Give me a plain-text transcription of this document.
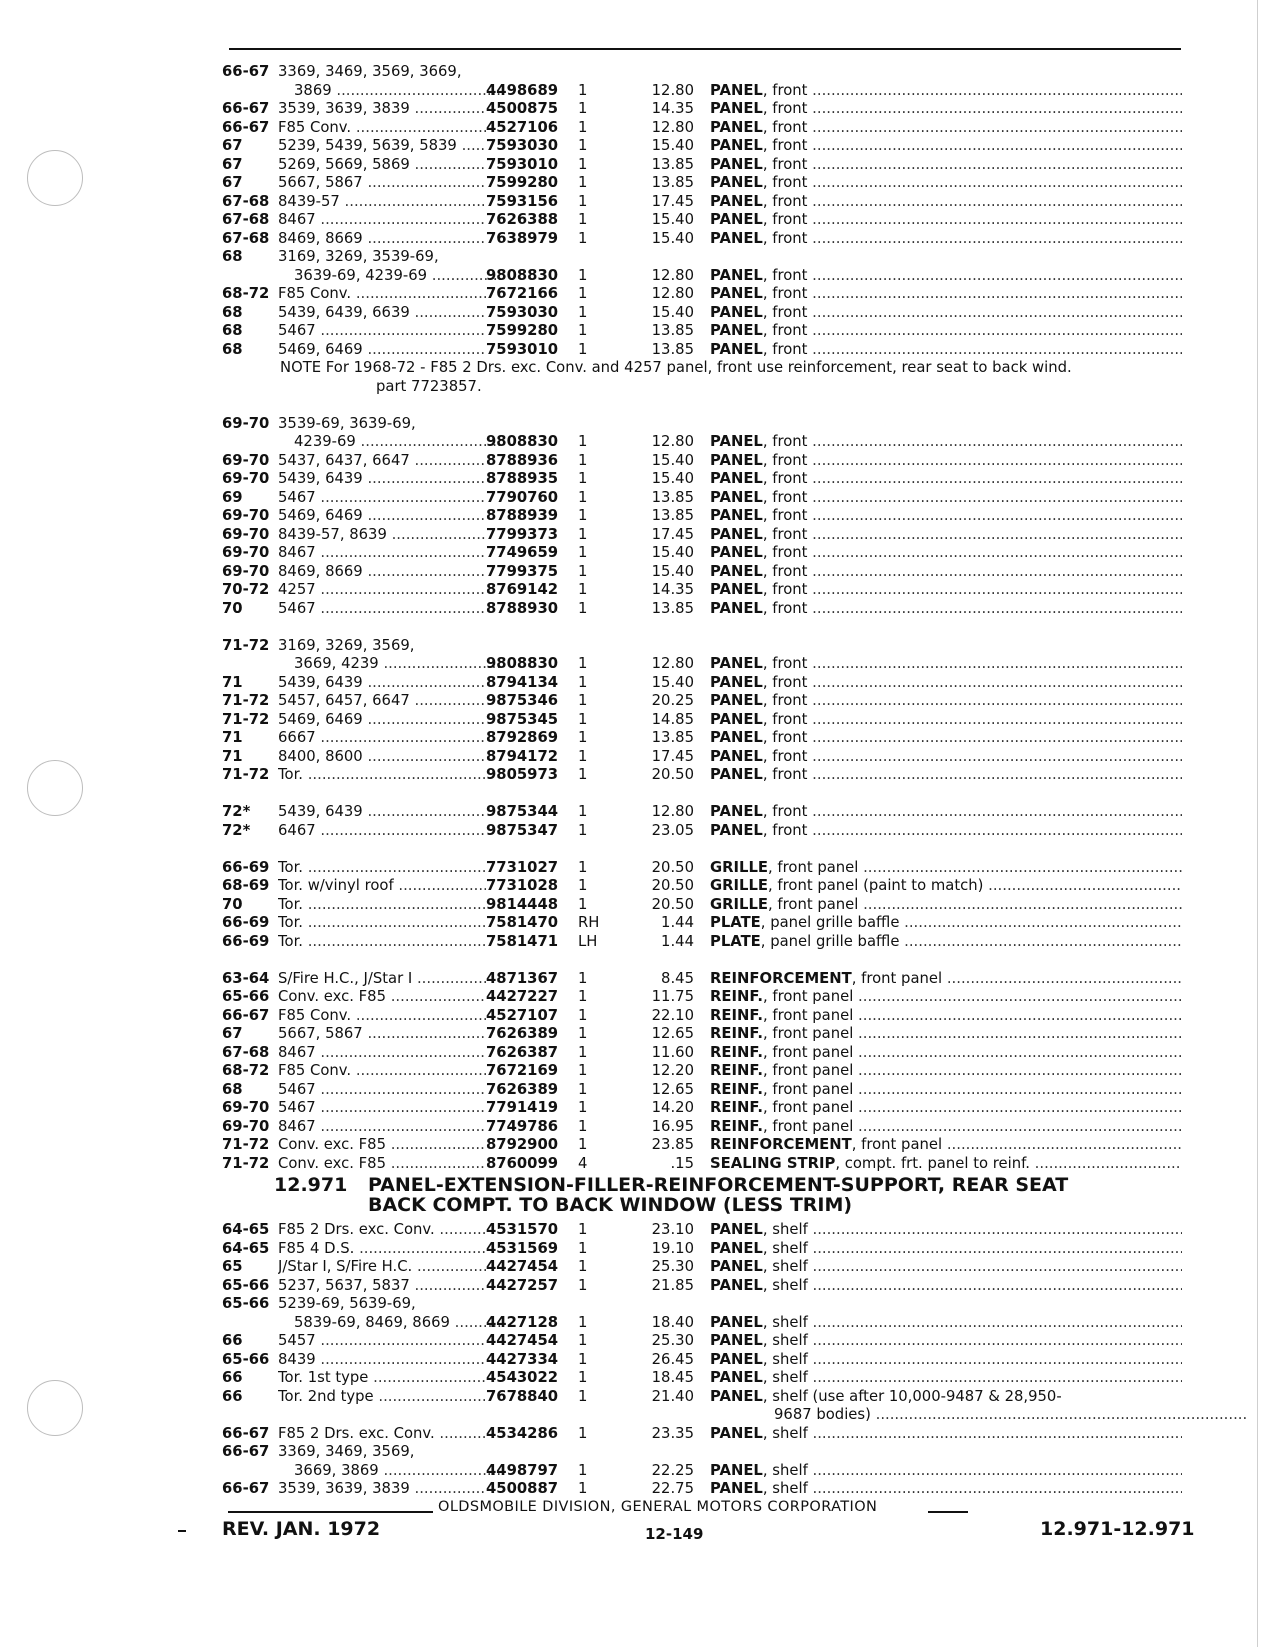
66-67 3369, 3469, 3569, 3669,
3869 .....	4498689	1	12.80 PANEL, front .....
66-67 3539, 3639, 3839 .....	4500875	1	14.35 PANEL, front .....
66-67 F85 Conv. .....	4527106	1	12.80 PANEL, front .....
67	5239, 5439, 5639, 5839 .....	7593030	1	15.40 PANEL, front .....
67	5269, 5669, 5869 .....	7593010	1	13.85 PANEL, front .....
67	5667, 5867 .....	7599280	1	13.85 PANEL, front .....
67-68 8439-57 .....	7593156	1	17.45 PANEL, front .....
67-68 8467 .....	7626388	1	15.40 PANEL, front .....
67-68 8469, 8669 .....	7638979	1	15.40 PANEL, front .....
68	3169, 3269, 3539-69,
3639-69, 4239-69 .....	9808830	1	12.80 PANEL, front .....
68-72 F85 Conv. .....	7672166	1	12.80 PANEL, front .....
68	5439, 6439, 6639 .....	7593030	1	15.40 PANEL, front .....
68	5467 .....	7599280	1	13.85 PANEL, front .....
68	5469, 6469 .....	7593010	1	13.85 PANEL, front .....
NOTE For 1968-72 - F85 2 Drs. exc. Conv. and 4257 panel, front use reinforcement, rear seat to back wind.
part 7723857.
69-70 3539-69, 3639-69,
4239-69 .....	9808830	1	12.80 PANEL, front .....
69-70 5437, 6437, 6647 .....	8788936	1	15.40 PANEL, front .....
69-70 5439, 6439 .....	8788935	1	15.40 PANEL, front .....
69	5467 .....	7790760	1	13.85 PANEL, front .....
69-70 5469, 6469 .....	8788939	1	13.85 PANEL, front .....
69-70 8439-57, 8639 .....	7799373	1	17.45 PANEL, front .....
69-70 8467 .....	7749659	1	15.40 PANEL, front .....
69-70 8469, 8669 .....	7799375	1	15.40 PANEL, front .....
70-72 4257 .....	8769142	1	14.35 PANEL, front .....
70	5467 .....	8788930	1	13.85 PANEL, front .....
71-72 3169, 3269, 3569,
3669, 4239 .....	9808830	1	12.80 PANEL, front .....
71	5439, 6439 .....	8794134	1	15.40 PANEL, front .....
71-72 5457, 6457, 6647 .....	9875346	1	20.25 PANEL, front .....
71-72 5469, 6469 .....	9875345	1	14.85 PANEL, front .....
71	6667 .....	8792869	1	13.85 PANEL, front .....
71	8400, 8600 .....	8794172	1	17.45 PANEL, front .....
71-72 Tor. .....	9805973	1	20.50 PANEL, front .....
72*	5439, 6439 .....	9875344	1	12.80 PANEL, front .....
72*	6467 .....	9875347	1	23.05 PANEL, front .....
66-69 Tor. .....	7731027	1	20.50 GRILLE, front panel .....
68-69 Tor. w/vinyl roof .....	7731028	1	20.50 GRILLE, front panel (paint to match) .....
70	Tor. .....	9814448	1	20.50 GRILLE, front panel .....
66-69 Tor. .....	7581470	RH	1.44 PLATE, panel grille baffle .....
66-69 Tor. .....	7581471	LH	1.44 PLATE, panel grille baffle .....
63-64 S/Fire H.C., J/Star I .....	4871367	1	8.45 REINFORCEMENT, front panel .....
65-66 Conv. exc. F85 .....	4427227	1	11.75 REINF., front panel .....
66-67 F85 Conv. .....	4527107	1	22.10 REINF., front panel .....
67	5667, 5867 .....	7626389	1	12.65 REINF., front panel .....
67-68 8467 .....	7626387	1	11.60 REINF., front panel .....
68-72 F85 Conv. .....	7672169	1	12.20 REINF., front panel .....
68	5467 .....	7626389	1	12.65 REINF., front panel .....
69-70 5467 .....	7791419	1	14.20 REINF., front panel .....
69-70 8467 .....	7749786	1	16.95 REINF., front panel .....
71-72 Conv. exc. F85 .....	8792900	1	23.85 REINFORCEMENT, front panel .....
71-72 Conv. exc. F85 .....	8760099	4	.15 SEALING STRIP, compt. frt. panel to reinf. .....
12.971 PANEL-EXTENSION-FILLER-REINFORCEMENT-SUPPORT, REAR SEAT
BACK COMPT. TO BACK WINDOW (LESS TRIM)
64-65 F85 2 Drs. exc. Conv. .....	4531570	1	23.10 PANEL, shelf .....
64-65 F85 4 D.S. .....	4531569	1	19.10 PANEL, shelf .....
65	J/Star I, S/Fire H.C. .....	4427454	1	25.30 PANEL, shelf .....
65-66 5237, 5637, 5837 .....	4427257	1	21.85 PANEL, shelf .....
65-66 5239-69, 5639-69,
5839-69, 8469, 8669 .....	4427128	1	18.40 PANEL, shelf .....
66	5457 .....	4427454	1	25.30 PANEL, shelf .....
65-66 8439 .....	4427334	1	26.45 PANEL, shelf .....
66	Tor. 1st type .....	4543022	1	18.45 PANEL, shelf .....
66	Tor. 2nd type .....	7678840	1	21.40 PANEL, shelf (use after 10,000-9487 & 28,950-
9687 bodies) .....
66-67 F85 2 Drs. exc. Conv. .....	4534286	1	23.35 PANEL, shelf .....
66-67 3369, 3469, 3569,
3669, 3869 .....	4498797	1	22.25 PANEL, shelf .....
66-67 3539, 3639, 3839 .....	4500887	1	22.75 PANEL, shelf .....
OLDSMOBILE DIVISION, GENERAL MOTORS CORPORATION
REV. JAN. 1972	12-149	12.971-12.971
